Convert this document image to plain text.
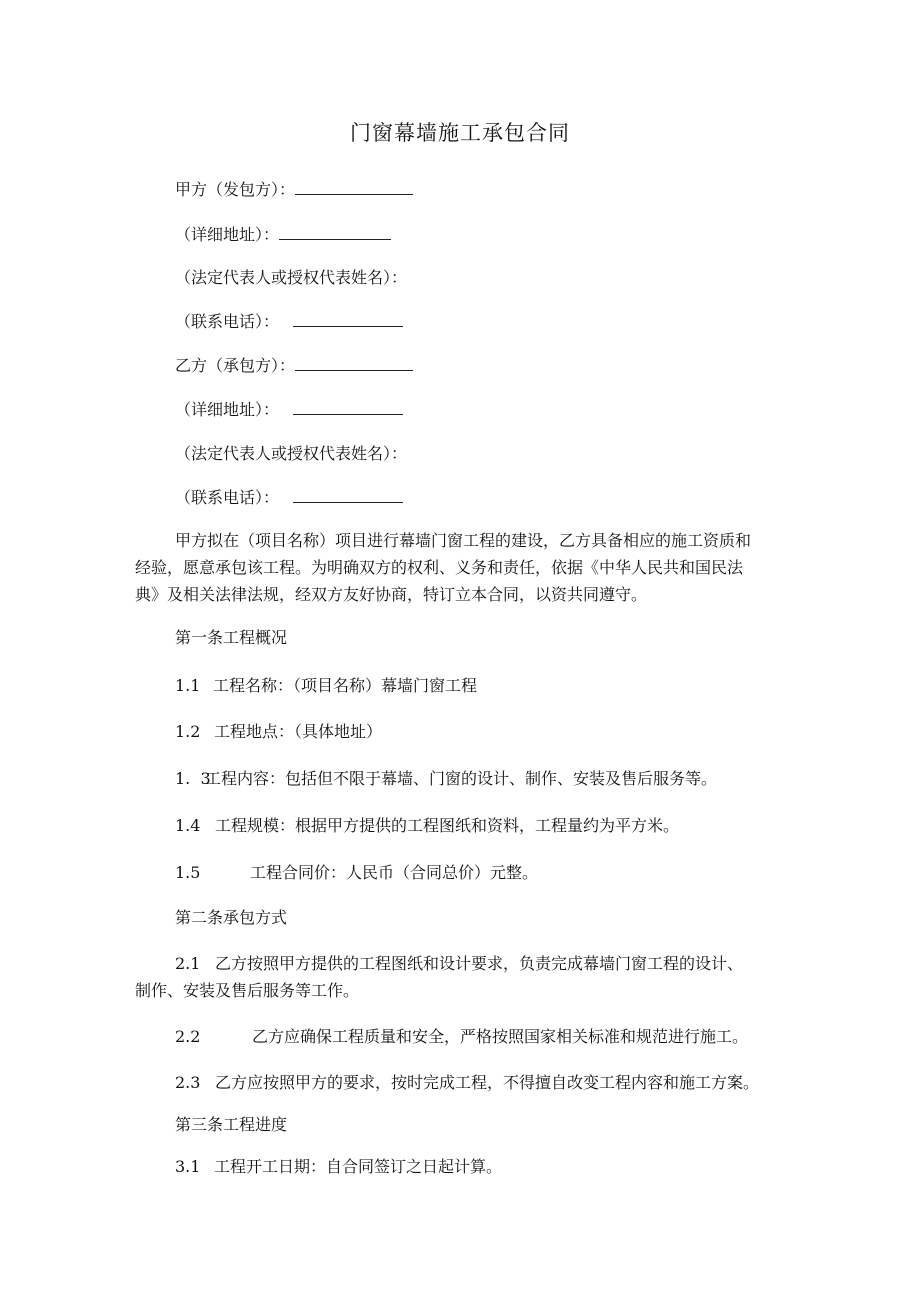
门窗幕墙施工承包合同
甲方（发包方）：
（详细地址）：
（法定代表人或授权代表姓名）：
（联系电话）：
乙方（承包方）：
（详细地址）：
（法定代表人或授权代表姓名）：
（联系电话）：
甲方拟在（项目名称）项目进行幕墙门窗工程的建设，乙方具备相应的施工资质和
经验，愿意承包该工程。为明确双方的权利、义务和责任，依据《中华人民共和国民法
典》及相关法律法规，经双方友好协商，特订立本合同，以资共同遵守。
第一条工程概况
1.1 工程名称：（项目名称）幕墙门窗工程
1.2 工程地点：（具体地址）
1.  3工程内容：包括但不限于幕墙、门窗的设计、制作、安装及售后服务等。
1.4 工程规模：根据甲方提供的工程图纸和资料，工程量约为平方米。
1.5	工程合同价：人民币（合同总价）元整。
第二条承包方式
2.1 乙方按照甲方提供的工程图纸和设计要求，负责完成幕墙门窗工程的设计、
制作、安装及售后服务等工作。
2.2	乙方应确保工程质量和安全，严格按照国家相关标准和规范进行施工。
2.3 乙方应按照甲方的要求，按时完成工程，不得擅自改变工程内容和施工方案。
第三条工程进度
3.1 工程开工日期：自合同签订之日起计算。
